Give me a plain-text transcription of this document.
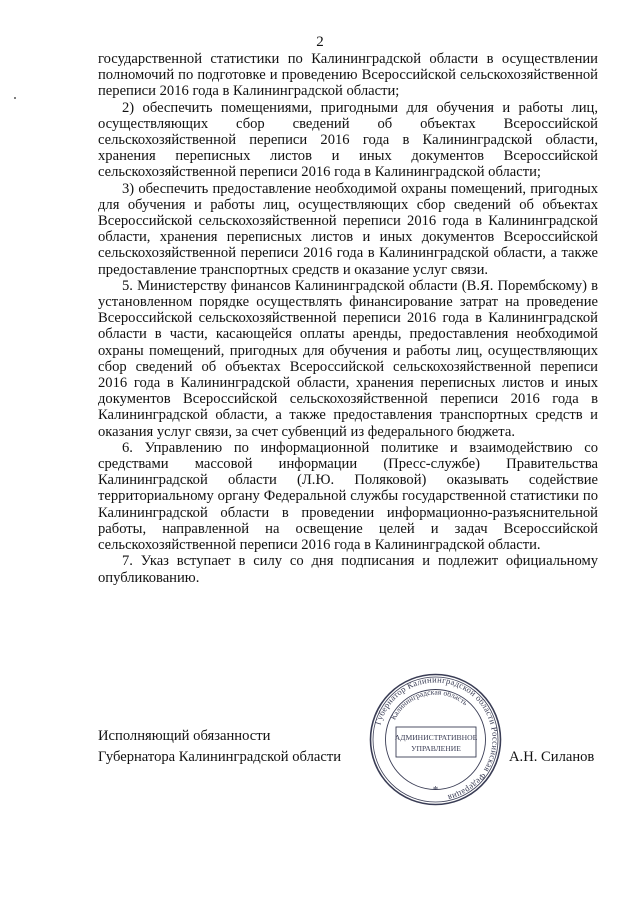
2

государственной статистики по Калининградской области в осуществлении полномочий по подготовке и проведению Всероссийской сельскохозяйственной переписи 2016 года в Калининградской области;

2) обеспечить помещениями, пригодными для обучения и работы лиц, осуществляющих сбор сведений об объектах Всероссийской сельскохозяйственной переписи 2016 года в Калининградской области, хранения переписных листов и иных документов Всероссийской сельскохозяйственной переписи 2016 года в Калининградской области;

3) обеспечить предоставление необходимой охраны помещений, пригодных для обучения и работы лиц, осуществляющих сбор сведений об объектах Всероссийской сельскохозяйственной переписи 2016 года в Калининградской области, хранения переписных листов и иных документов Всероссийской сельскохозяйственной переписи 2016 года в Калининградской области, а также предоставление транспортных средств и оказание услуг связи.

5. Министерству финансов Калининградской области (В.Я. Порембскому) в установленном порядке осуществлять финансирование затрат на проведение Всероссийской сельскохозяйственной переписи 2016 года в Калининградской области в части, касающейся оплаты аренды, предоставления необходимой охраны помещений, пригодных для обучения и работы лиц, осуществляющих сбор сведений об объектах Всероссийской сельскохозяйственной переписи 2016 года в Калининградской области, хранения переписных листов и иных документов Всероссийской сельскохозяйственной переписи 2016 года в Калининградской области, а также предоставления транспортных средств и оказания услуг связи, за счет субвенций из федерального бюджета.

6. Управлению по информационной политике и взаимодействию со средствами массовой информации (Пресс-службе) Правительства Калининградской области (Л.Ю. Поляковой) оказывать содействие территориальному органу Федеральной службы государственной статистики по Калининградской области в проведении информационно-разъяснительной работы, направленной на освещение целей и задач Всероссийской сельскохозяйственной переписи 2016 года в Калининградской области.

7. Указ вступает в силу со дня подписания и подлежит официальному опубликованию.

Исполняющий обязанности
Губернатора Калининградской области	А.Н. Силанов
Губернатор Калининградской области Российская Федерация
Калининградская область
АДМИНИСТРАТИВНОЕ
УПРАВЛЕНИЕ
*
